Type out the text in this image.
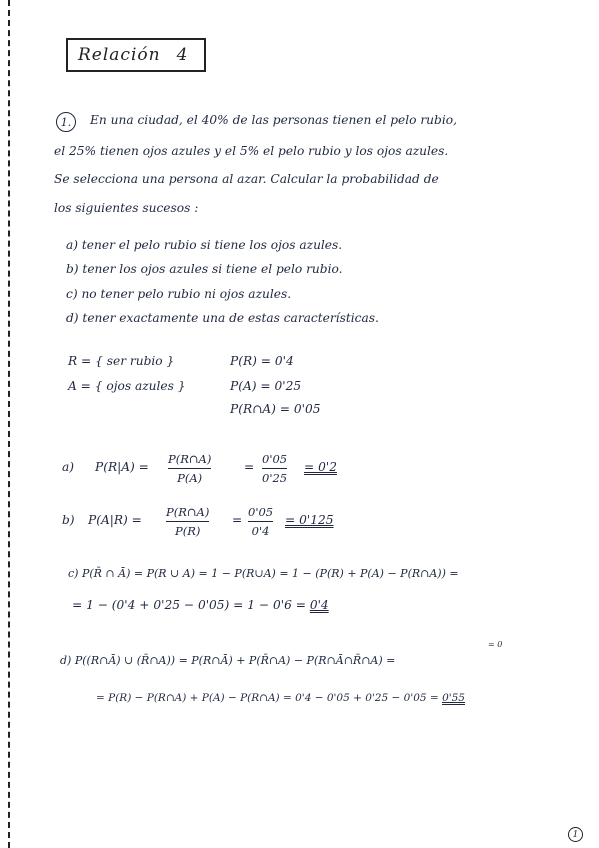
Relación 4
1.	En una ciudad, el 40% de las personas tienen el pelo rubio,
el 25% tienen ojos azules y el 5% el pelo rubio y los ojos azules.
Se selecciona una persona al azar. Calcular la probabilidad de
los siguientes sucesos :
a) tener el pelo rubio si tiene los ojos azules.
b) tener los ojos azules si tiene el pelo rubio.
c) no tener pelo rubio ni ojos azules.
d) tener exactamente una de estas características.
R = { ser rubio }
A = { ojos azules }
P(R) = 0'4
P(A) = 0'25
P(R∩A) = 0'05
a) P(R|A) =
P(R∩A)
P(A)
=
0'05
0'25
= 0'2
b) P(A|R) =
P(R∩A)
P(R)
=
0'05
0'4
= 0'125
c) P(R̄ ∩ Ā) = P(R ∪ A) = 1 − P(R∪A) = 1 − (P(R) + P(A) − P(R∩A)) =
= 1 − (0'4 + 0'25 − 0'05) = 1 − 0'6 = 0'4
= 0
d) P((R∩Ā) ∪ (R̄∩A)) = P(R∩Ā) + P(R̄∩A) − P(R∩Ā∩R̄∩A) =
= P(R) − P(R∩A) + P(A) − P(R∩A) = 0'4 − 0'05 + 0'25 − 0'05 = 0'55
1
